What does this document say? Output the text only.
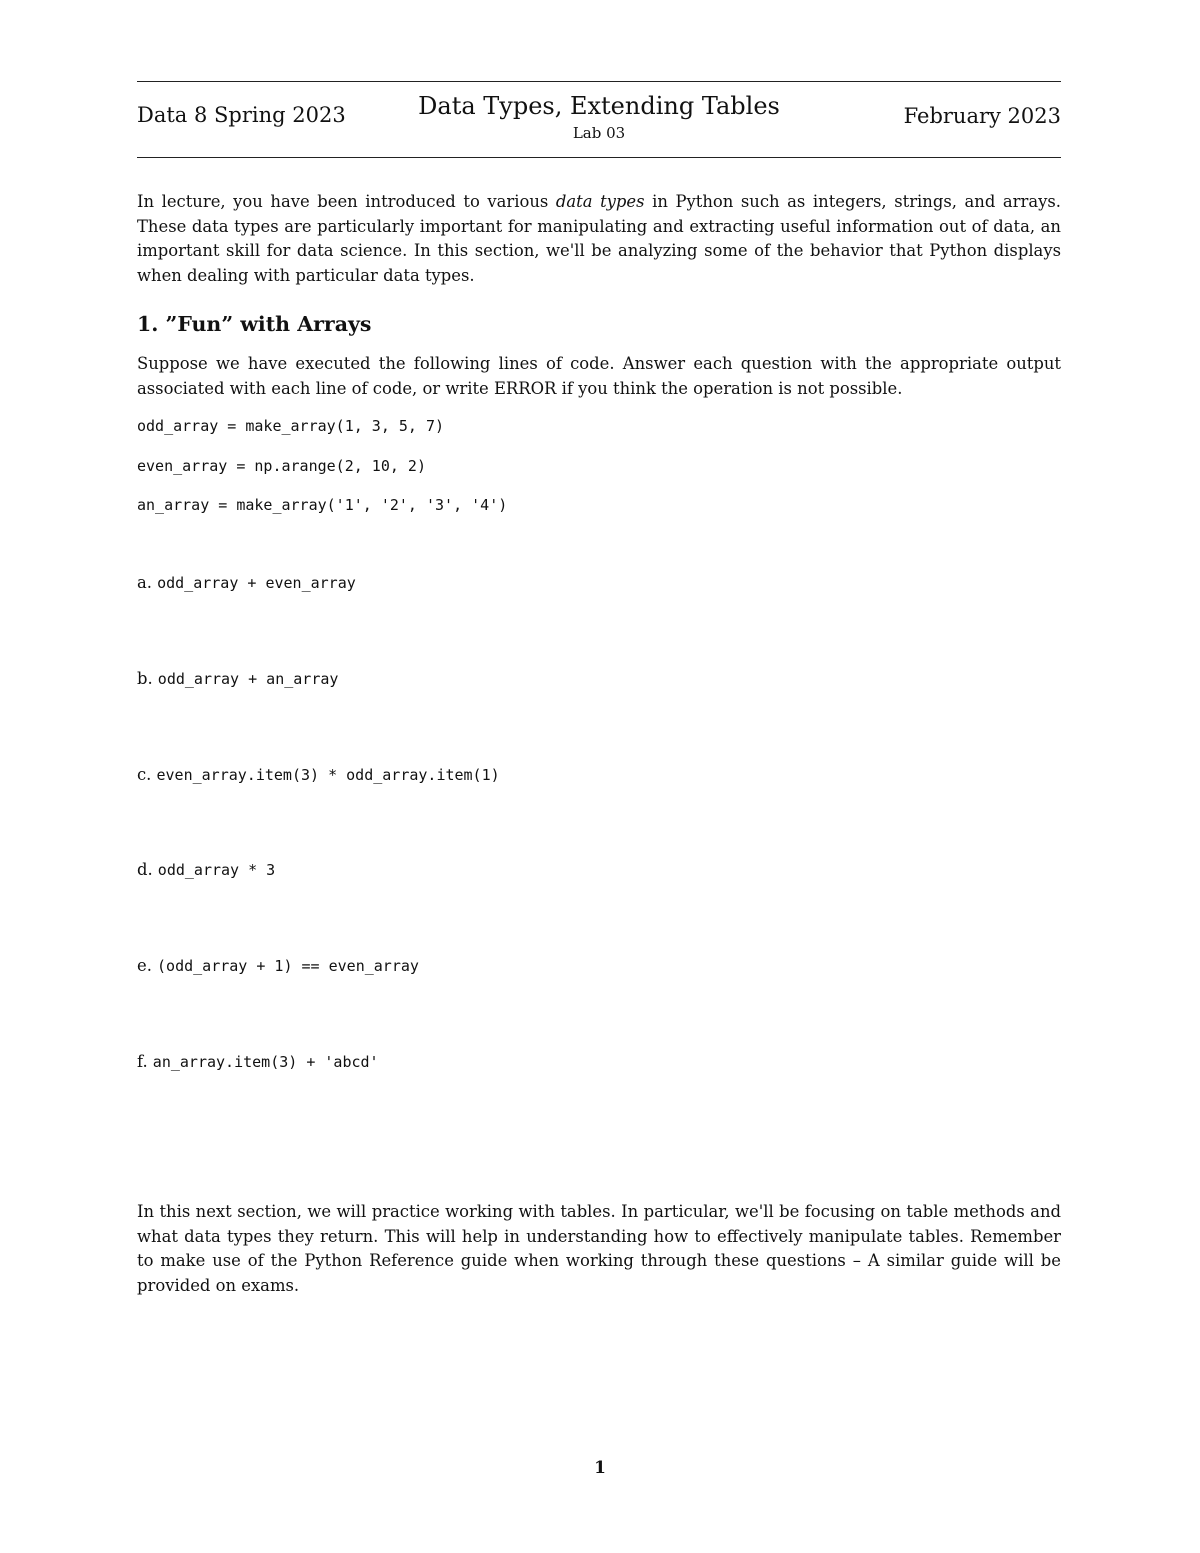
Data 8 Spring 2023	Data Types, Extending Tables
Lab 03
February 2023

In lecture, you have been introduced to various data types in Python such as integers, strings, and arrays. These data types are particularly important for manipulating and extracting useful information out of data, an important skill for data science. In this section, we'll be analyzing some of the behavior that Python displays when dealing with particular data types.

1. ”Fun” with Arrays

Suppose we have executed the following lines of code. Answer each question with the appropriate output associated with each line of code, or write ERROR if you think the operation is not possible.

odd_array = make_array(1, 3, 5, 7)
even_array = np.arange(2, 10, 2)
an_array = make_array('1', '2', '3', '4')
a. odd_array + even_array
b. odd_array + an_array
c. even_array.item(3) * odd_array.item(1)
d. odd_array * 3
e. (odd_array + 1) == even_array
f. an_array.item(3) + 'abcd'

In this next section, we will practice working with tables. In particular, we'll be focusing on table methods and what data types they return. This will help in understanding how to effectively manipulate tables. Remember to make use of the Python Reference guide when working through these questions – A similar guide will be provided on exams.

1
